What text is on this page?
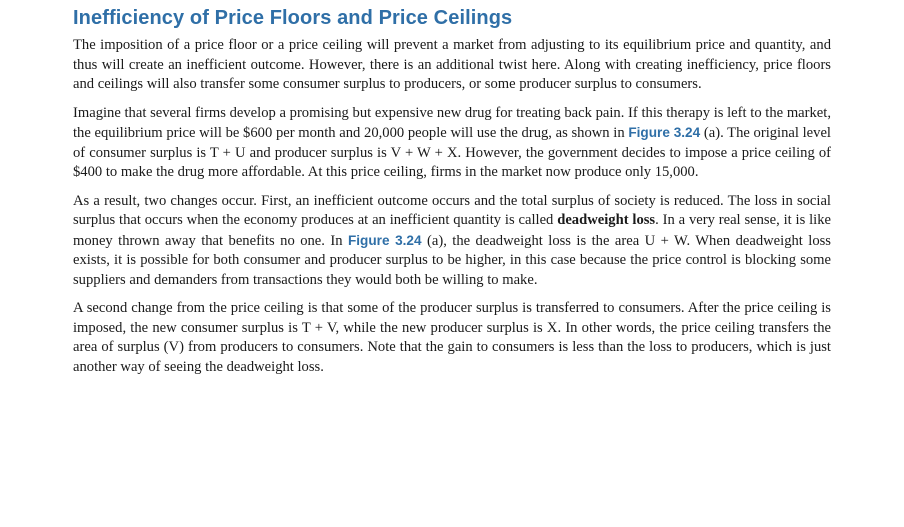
Inefficiency of Price Floors and Price Ceilings

The imposition of a price floor or a price ceiling will prevent a market from adjusting to its equilibrium price and quantity, and thus will create an inefficient outcome. However, there is an additional twist here. Along with creating inefficiency, price floors and ceilings will also transfer some consumer surplus to producers, or some producer surplus to consumers.

Imagine that several firms develop a promising but expensive new drug for treating back pain. If this therapy is left to the market, the equilibrium price will be $600 per month and 20,000 people will use the drug, as shown in Figure 3.24 (a). The original level of consumer surplus is T + U and producer surplus is V + W + X. However, the government decides to impose a price ceiling of $400 to make the drug more affordable. At this price ceiling, firms in the market now produce only 15,000.

As a result, two changes occur. First, an inefficient outcome occurs and the total surplus of society is reduced. The loss in social surplus that occurs when the economy produces at an inefficient quantity is called deadweight loss. In a very real sense, it is like money thrown away that benefits no one. In Figure 3.24 (a), the deadweight loss is the area U + W. When deadweight loss exists, it is possible for both consumer and producer surplus to be higher, in this case because the price control is blocking some suppliers and demanders from transactions they would both be willing to make.

A second change from the price ceiling is that some of the producer surplus is transferred to consumers. After the price ceiling is imposed, the new consumer surplus is T + V, while the new producer surplus is X. In other words, the price ceiling transfers the area of surplus (V) from producers to consumers. Note that the gain to consumers is less than the loss to producers, which is just another way of seeing the deadweight loss.
